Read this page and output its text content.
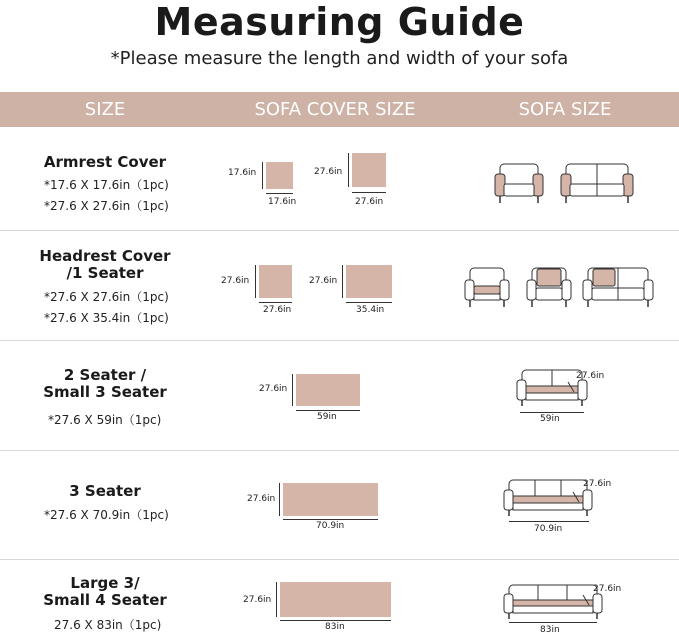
Measuring Guide
*Please measure the length and width of your sofa
SIZE	SOFA COVER SIZE	SOFA SIZE
Armrest Cover
*17.6 X 17.6in（1pc)
*27.6 X 27.6in（1pc)
17.6in
17.6in
27.6in
27.6in
Headrest Cover
/1 Seater
*27.6 X 27.6in（1pc)
*27.6 X 35.4in（1pc)
27.6in
27.6in
27.6in
35.4in
2 Seater /
Small 3 Seater
*27.6 X 59in（1pc)
27.6in
59in
27.6in
59in
3 Seater
*27.6 X 70.9in（1pc)
27.6in
70.9in
27.6in
70.9in
Large 3/
Small 4 Seater
27.6 X 83in（1pc)
27.6in
83in
27.6in
83in
